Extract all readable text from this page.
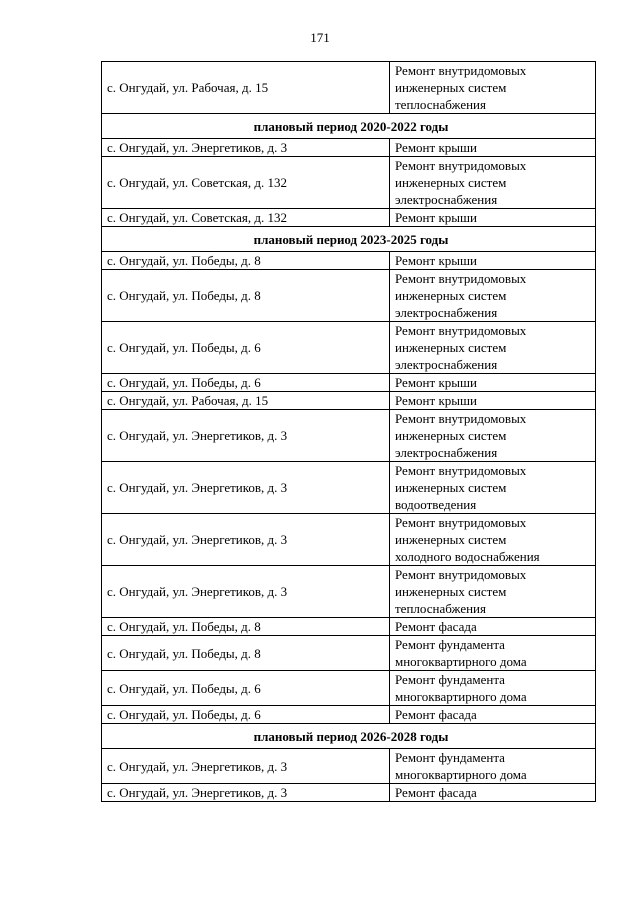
171
с. Онгудай, ул. Рабочая, д. 15	Ремонт внутридомовых
инженерных систем
теплоснабжения

плановый период 2020-2022 годы	
с. Онгудай, ул. Энергетиков, д. 3	Ремонт крыши

с. Онгудай, ул. Советская, д. 132	Ремонт внутридомовых
инженерных систем
электроснабжения

с. Онгудай, ул. Советская, д. 132	Ремонт крыши

плановый период 2023-2025 годы	
с. Онгудай, ул. Победы, д. 8	Ремонт крыши

с. Онгудай, ул. Победы, д. 8	Ремонт внутридомовых
инженерных систем
электроснабжения

с. Онгудай, ул. Победы, д. 6	Ремонт внутридомовых
инженерных систем
электроснабжения

с. Онгудай, ул. Победы, д. 6	Ремонт крыши

с. Онгудай, ул. Рабочая, д. 15	Ремонт крыши

с. Онгудай, ул. Энергетиков, д. 3	Ремонт внутридомовых
инженерных систем
электроснабжения

с. Онгудай, ул. Энергетиков, д. 3	Ремонт внутридомовых
инженерных систем
водоотведения

с. Онгудай, ул. Энергетиков, д. 3	Ремонт внутридомовых
инженерных систем
холодного водоснабжения

с. Онгудай, ул. Энергетиков, д. 3	Ремонт внутридомовых
инженерных систем
теплоснабжения

с. Онгудай, ул. Победы, д. 8	Ремонт фасада

с. Онгудай, ул. Победы, д. 8	Ремонт фундамента
многоквартирного дома

с. Онгудай, ул. Победы, д. 6	Ремонт фундамента
многоквартирного дома

с. Онгудай, ул. Победы, д. 6	Ремонт фасада

плановый период 2026-2028 годы	
с. Онгудай, ул. Энергетиков, д. 3	Ремонт фундамента
многоквартирного дома

с. Онгудай, ул. Энергетиков, д. 3	Ремонт фасада
